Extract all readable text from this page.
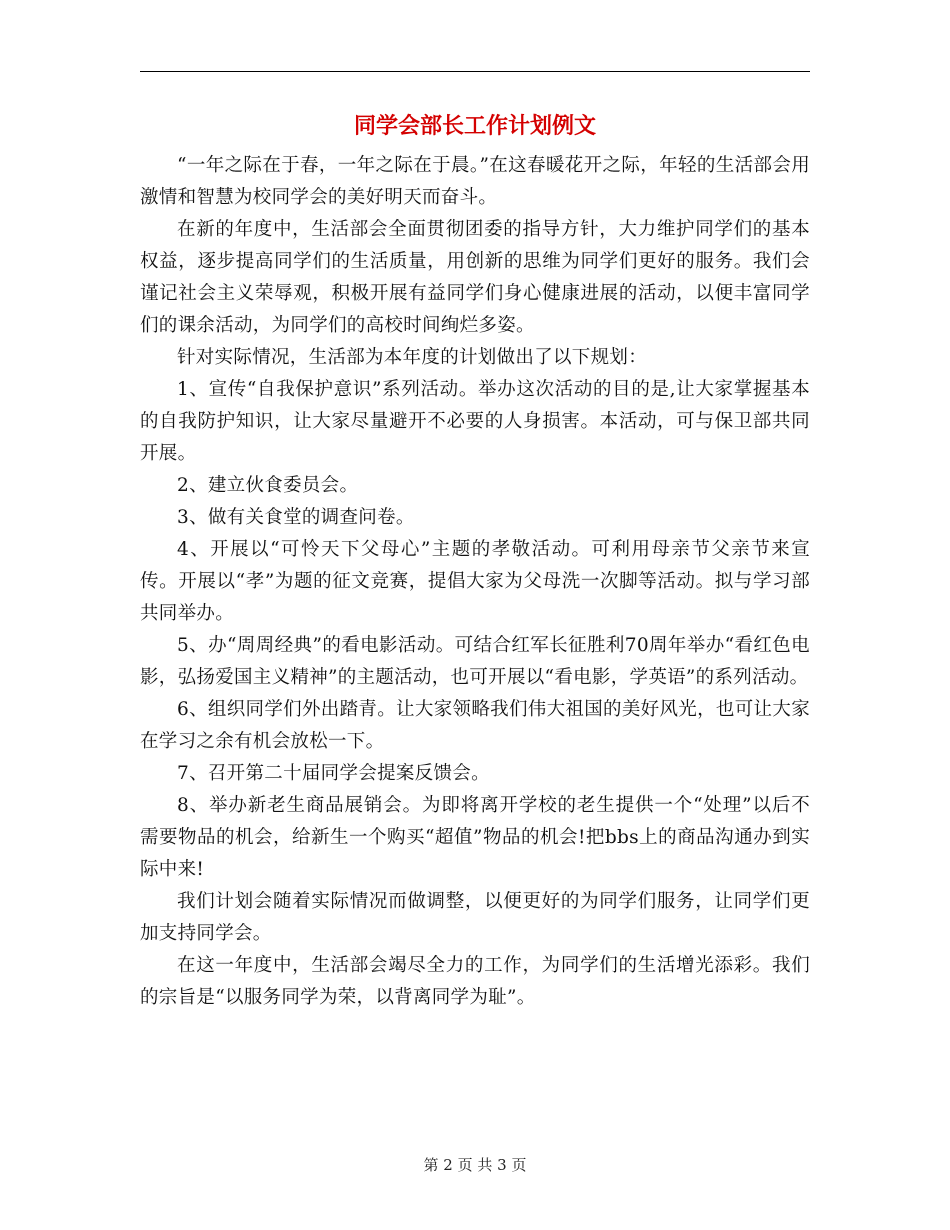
同学会部长工作计划例文

“一年之际在于春，一年之际在于晨。”在这春暖花开之际，年轻的生活部会用激情和智慧为校同学会的美好明天而奋斗。

在新的年度中，生活部会全面贯彻团委的指导方针，大力维护同学们的基本权益，逐步提高同学们的生活质量，用创新的思维为同学们更好的服务。我们会谨记社会主义荣辱观，积极开展有益同学们身心健康进展的活动，以便丰富同学们的课余活动，为同学们的高校时间绚烂多姿。

针对实际情况，生活部为本年度的计划做出了以下规划：

1、宣传“自我保护意识”系列活动。举办这次活动的目的是,让大家掌握基本的自我防护知识，让大家尽量避开不必要的人身损害。本活动，可与保卫部共同开展。

2、建立伙食委员会。

3、做有关食堂的调查问卷。

4、开展以“可怜天下父母心”主题的孝敬活动。可利用母亲节父亲节来宣传。开展以“孝”为题的征文竞赛，提倡大家为父母洗一次脚等活动。拟与学习部共同举办。

5、办“周周经典”的看电影活动。可结合红军长征胜利70周年举办“看红色电影，弘扬爱国主义精神”的主题活动，也可开展以“看电影，学英语”的系列活动。

6、组织同学们外出踏青。让大家领略我们伟大祖国的美好风光，也可让大家在学习之余有机会放松一下。

7、召开第二十届同学会提案反馈会。

8、举办新老生商品展销会。为即将离开学校的老生提供一个“处理”以后不需要物品的机会，给新生一个购买“超值”物品的机会!把bbs上的商品沟通办到实际中来!

我们计划会随着实际情况而做调整，以便更好的为同学们服务，让同学们更加支持同学会。

在这一年度中，生活部会竭尽全力的工作，为同学们的生活增光添彩。我们的宗旨是“以服务同学为荣，以背离同学为耻”。

第 2 页 共 3 页
